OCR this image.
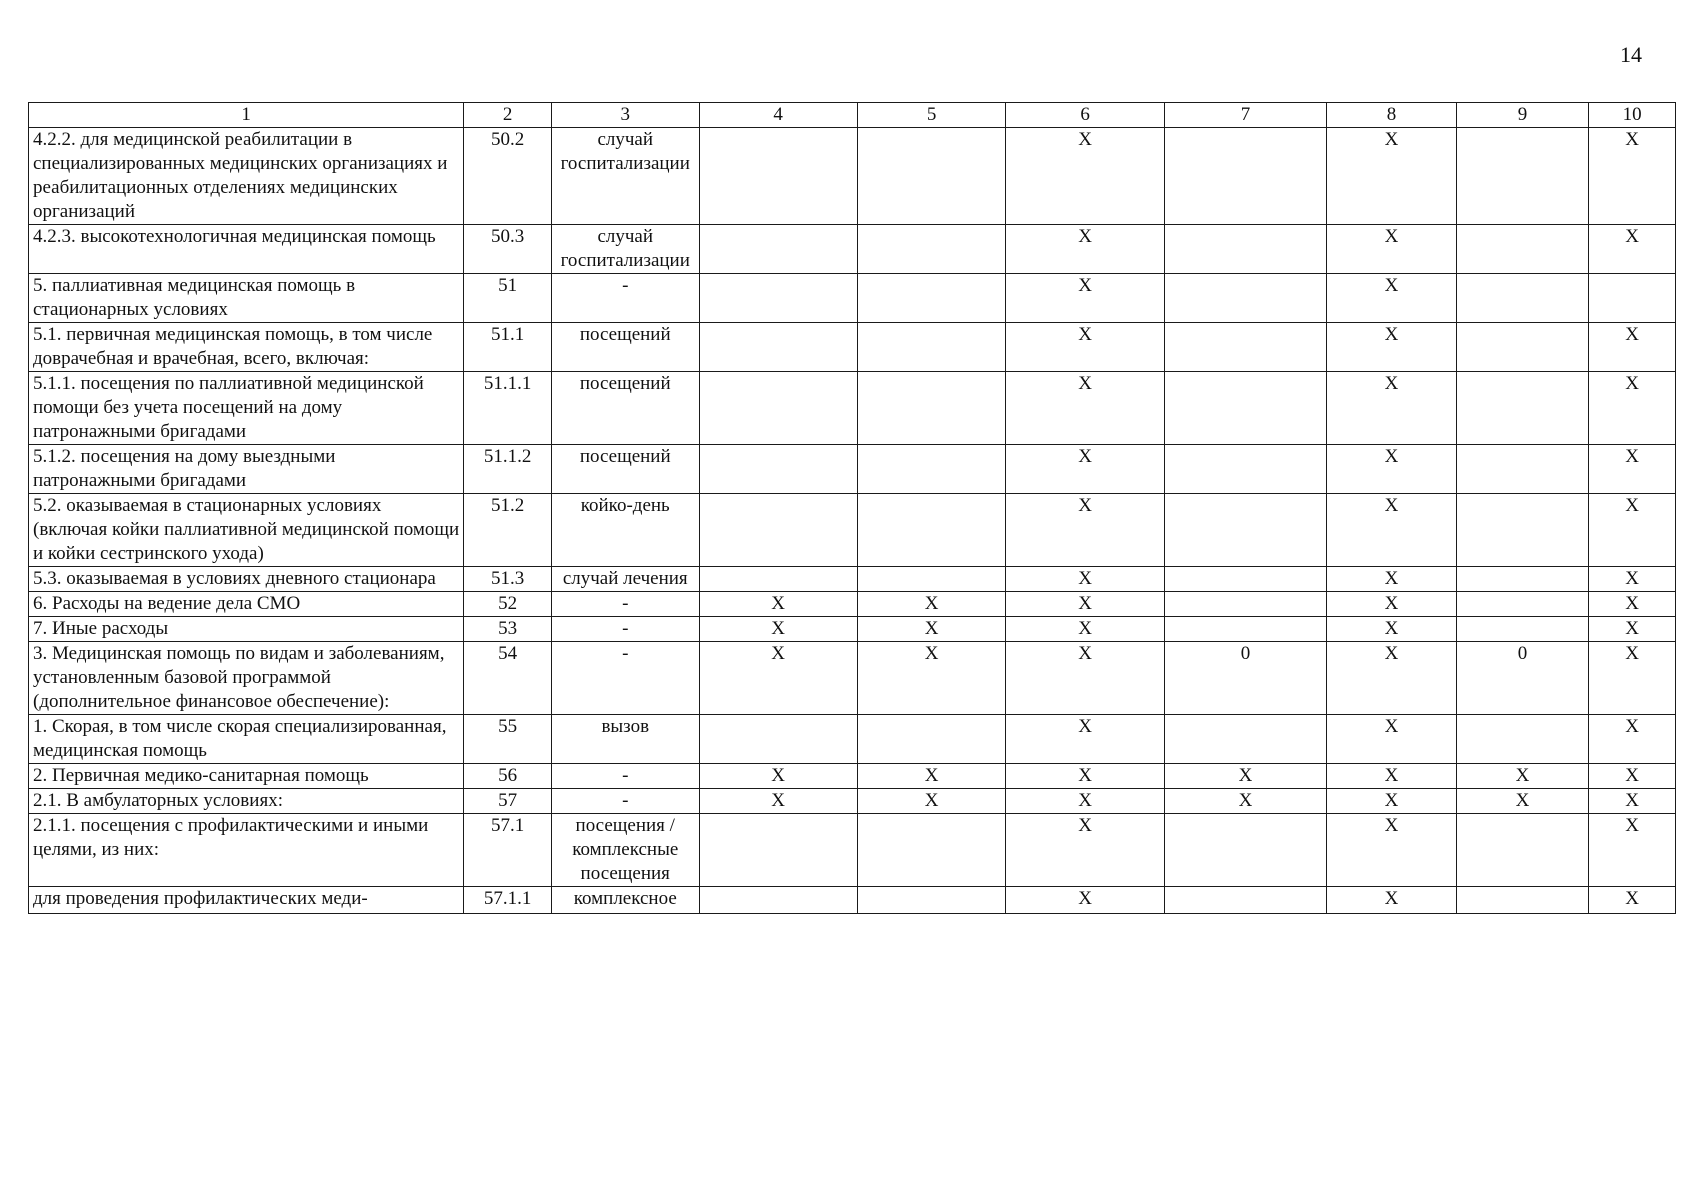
14
1	2	3	4	5	6	7	8	9	10
4.2.2. для медицинской реабилитации в специализированных медицинских организациях и реабилитационных отделениях медицинских организаций	50.2	случай госпитализации			Х		Х		Х
4.2.3. высокотехнологичная медицинская помощь	50.3	случай госпитализации			Х		Х		Х
5. паллиативная медицинская помощь в стационарных условиях	51	-			Х		Х		
5.1. первичная медицинская помощь, в том числе доврачебная и врачебная, всего, включая:	51.1	посещений			Х		Х		Х
5.1.1. посещения по паллиативной медицинской помощи без учета посещений на дому патронажными бригадами	51.1.1	посещений			Х		Х		Х
5.1.2. посещения на дому выездными патронажными бригадами	51.1.2	посещений			Х		Х		Х
5.2. оказываемая в стационарных условиях (включая койки паллиативной медицинской помощи и койки сестринского ухода)	51.2	койко-день			Х		Х		Х
5.3. оказываемая в условиях дневного стационара	51.3	случай лечения			Х		Х		Х
6. Расходы на ведение дела СМО	52	-	Х	Х	Х		Х		Х
7. Иные расходы	53	-	Х	Х	Х		Х		Х
3. Медицинская помощь по видам и заболеваниям, установленным базовой программой (дополнительное финансовое обеспечение):	54	-	Х	Х	Х	0	Х	0	Х
1. Скорая, в том числе скорая специализированная, медицинская помощь	55	вызов			Х		Х		Х
2. Первичная медико-санитарная помощь	56	-	Х	Х	Х	Х	Х	Х	Х
2.1. В амбулаторных условиях:	57	-	Х	Х	Х	Х	Х	Х	Х
2.1.1. посещения с профилактическими и иными целями, из них:	57.1	посещения / комплексные посещения			Х		Х		Х
для проведения профилактических меди-	57.1.1	комплексное			Х		Х		Х
